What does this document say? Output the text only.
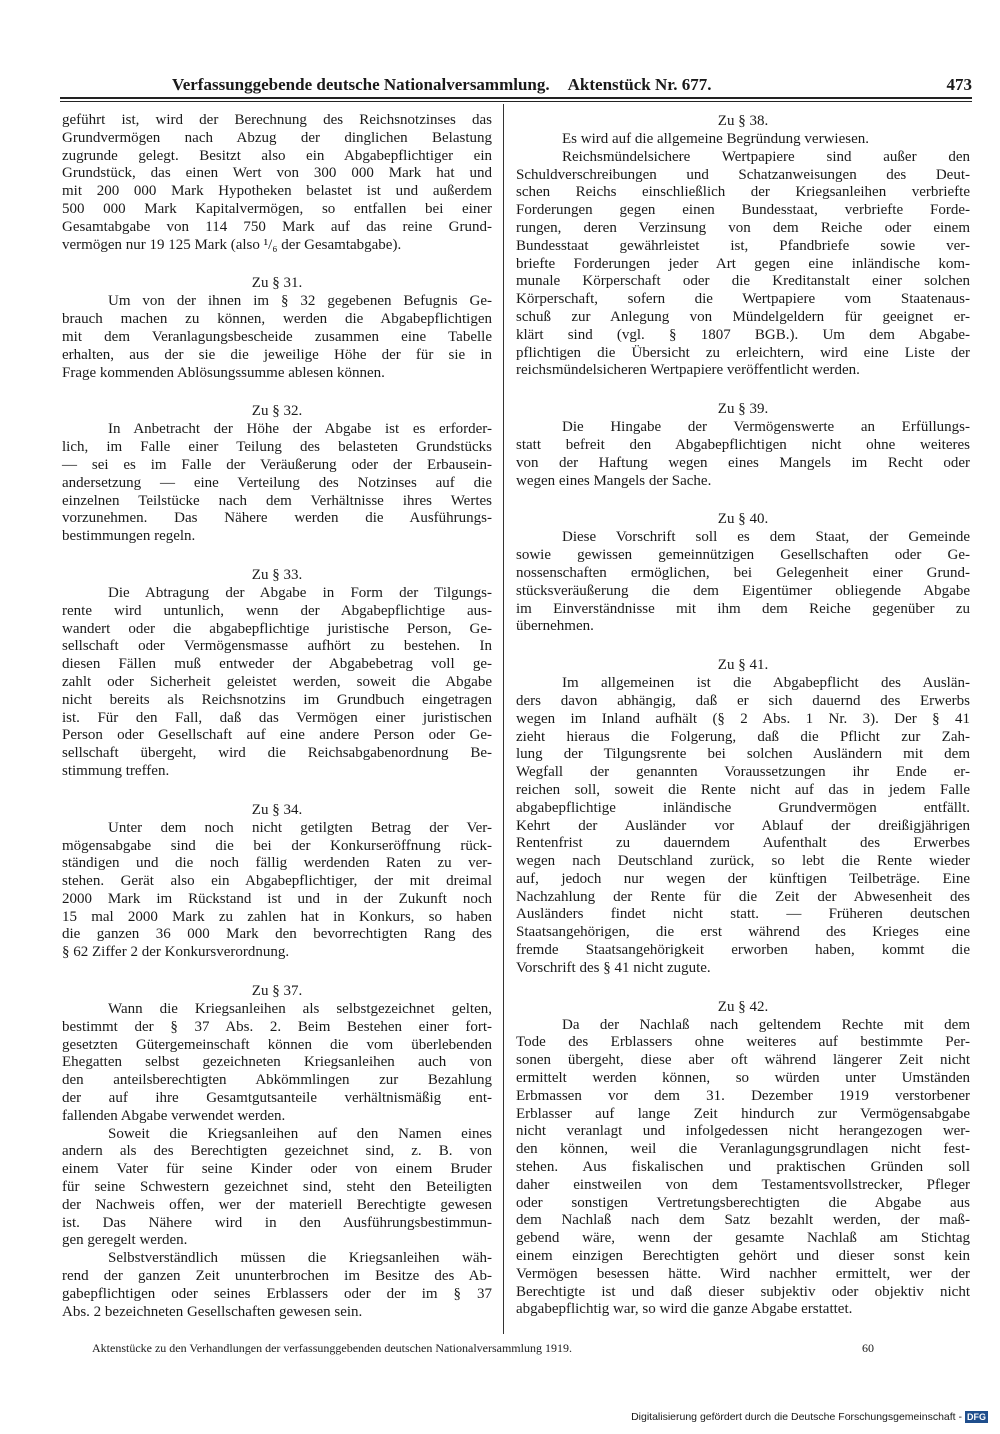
Verfassunggebende deutsche Nationalversammlung. Aktenstück Nr. 677.	473
geführt ist, wird der Berechnung des Reichsnotzinses das
Grundvermögen nach Abzug der dinglichen Belastung
zugrunde gelegt. Besitzt also ein Abgabepflichtiger ein
Grundstück, das einen Wert von 300 000 Mark hat und
mit 200 000 Mark Hypotheken belastet ist und außerdem
500 000 Mark Kapitalvermögen, so entfallen bei einer
Gesamtabgabe von 114 750 Mark auf das reine Grund-
vermögen nur 19 125 Mark (also ¹/₆ der Gesamtabgabe).
Zu § 31.
Um von der ihnen im § 32 gegebenen Befugnis Ge-
brauch machen zu können, werden die Abgabepflichtigen
mit dem Veranlagungsbescheide zusammen eine Tabelle
erhalten, aus der sie die jeweilige Höhe der für sie in
Frage kommenden Ablösungssumme ablesen können.
Zu § 32.
In Anbetracht der Höhe der Abgabe ist es erforder-
lich, im Falle einer Teilung des belasteten Grundstücks
— sei es im Falle der Veräußerung oder der Erbausein-
andersetzung — eine Verteilung des Notzinses auf die
einzelnen Teilstücke nach dem Verhältnisse ihres Wertes
vorzunehmen. Das Nähere werden die Ausführungs-
bestimmungen regeln.
Zu § 33.
Die Abtragung der Abgabe in Form der Tilgungs-
rente wird untunlich, wenn der Abgabepflichtige aus-
wandert oder die abgabepflichtige juristische Person, Ge-
sellschaft oder Vermögensmasse aufhört zu bestehen. In
diesen Fällen muß entweder der Abgabebetrag voll ge-
zahlt oder Sicherheit geleistet werden, soweit die Abgabe
nicht bereits als Reichsnotzins im Grundbuch eingetragen
ist. Für den Fall, daß das Vermögen einer juristischen
Person oder Gesellschaft auf eine andere Person oder Ge-
sellschaft übergeht, wird die Reichsabgabenordnung Be-
stimmung treffen.
Zu § 34.
Unter dem noch nicht getilgten Betrag der Ver-
mögensabgabe sind die bei der Konkurseröffnung rück-
ständigen und die noch fällig werdenden Raten zu ver-
stehen. Gerät also ein Abgabepflichtiger, der mit dreimal
2000 Mark im Rückstand ist und in der Zukunft noch
15 mal 2000 Mark zu zahlen hat in Konkurs, so haben
die ganzen 36 000 Mark den bevorrechtigten Rang des
§ 62 Ziffer 2 der Konkursverordnung.
Zu § 37.
Wann die Kriegsanleihen als selbstgezeichnet gelten,
bestimmt der § 37 Abs. 2. Beim Bestehen einer fort-
gesetzten Gütergemeinschaft können die vom überlebenden
Ehegatten selbst gezeichneten Kriegsanleihen auch von
den anteilsberechtigten Abkömmlingen zur Bezahlung
der auf ihre Gesamtgutsanteile verhältnismäßig ent-
fallenden Abgabe verwendet werden.
Soweit die Kriegsanleihen auf den Namen eines
andern als des Berechtigten gezeichnet sind, z. B. von
einem Vater für seine Kinder oder von einem Bruder
für seine Schwestern gezeichnet sind, steht den Beteiligten
der Nachweis offen, wer der materiell Berechtigte gewesen
ist. Das Nähere wird in den Ausführungsbestimmun-
gen geregelt werden.
Selbstverständlich müssen die Kriegsanleihen wäh-
rend der ganzen Zeit ununterbrochen im Besitze des Ab-
gabepflichtigen oder seines Erblassers oder der im § 37
Abs. 2 bezeichneten Gesellschaften gewesen sein.
Zu § 38.
Es wird auf die allgemeine Begründung verwiesen.
Reichsmündelsichere Wertpapiere sind außer den
Schuldverschreibungen und Schatzanweisungen des Deut-
schen Reichs einschließlich der Kriegsanleihen verbriefte
Forderungen gegen einen Bundesstaat, verbriefte Forde-
rungen, deren Verzinsung von dem Reiche oder einem
Bundesstaat gewährleistet ist, Pfandbriefe sowie ver-
briefte Forderungen jeder Art gegen eine inländische kom-
munale Körperschaft oder die Kreditanstalt einer solchen
Körperschaft, sofern die Wertpapiere vom Staatenaus-
schuß zur Anlegung von Mündelgeldern für geeignet er-
klärt sind (vgl. § 1807 BGB.). Um dem Abgabe-
pflichtigen die Übersicht zu erleichtern, wird eine Liste der
reichsmündelsicheren Wertpapiere veröffentlicht werden.
Zu § 39.
Die Hingabe der Vermögenswerte an Erfüllungs-
statt befreit den Abgabepflichtigen nicht ohne weiteres
von der Haftung wegen eines Mangels im Recht oder
wegen eines Mangels der Sache.
Zu § 40.
Diese Vorschrift soll es dem Staat, der Gemeinde
sowie gewissen gemeinnützigen Gesellschaften oder Ge-
nossenschaften ermöglichen, bei Gelegenheit einer Grund-
stücksveräußerung die dem Eigentümer obliegende Abgabe
im Einverständnisse mit ihm dem Reiche gegenüber zu
übernehmen.
Zu § 41.
Im allgemeinen ist die Abgabepflicht des Auslän-
ders davon abhängig, daß er sich dauernd des Erwerbs
wegen im Inland aufhält (§ 2 Abs. 1 Nr. 3). Der § 41
zieht hieraus die Folgerung, daß die Pflicht zur Zah-
lung der Tilgungsrente bei solchen Ausländern mit dem
Wegfall der genannten Voraussetzungen ihr Ende er-
reichen soll, soweit die Rente nicht auf das in jedem Falle
abgabepflichtige inländische Grundvermögen entfällt.
Kehrt der Ausländer vor Ablauf der dreißigjährigen
Rentenfrist zu dauerndem Aufenthalt des Erwerbes
wegen nach Deutschland zurück, so lebt die Rente wieder
auf, jedoch nur wegen der künftigen Teilbeträge. Eine
Nachzahlung der Rente für die Zeit der Abwesenheit des
Ausländers findet nicht statt. — Früheren deutschen
Staatsangehörigen, die erst während des Krieges eine
fremde Staatsangehörigkeit erworben haben, kommt die
Vorschrift des § 41 nicht zugute.
Zu § 42.
Da der Nachlaß nach geltendem Rechte mit dem
Tode des Erblassers ohne weiteres auf bestimmte Per-
sonen übergeht, diese aber oft während längerer Zeit nicht
ermittelt werden können, so würden unter Umständen
Erbmassen vor dem 31. Dezember 1919 verstorbener
Erblasser auf lange Zeit hindurch zur Vermögensabgabe
nicht veranlagt und infolgedessen nicht herangezogen wer-
den können, weil die Veranlagungsgrundlagen nicht fest-
stehen. Aus fiskalischen und praktischen Gründen soll
daher einstweilen von dem Testamentsvollstrecker, Pfleger
oder sonstigen Vertretungsberechtigten die Abgabe aus
dem Nachlaß nach dem Satz bezahlt werden, der maß-
gebend wäre, wenn der gesamte Nachlaß am Stichtag
einem einzigen Berechtigten gehört und dieser sonst kein
Vermögen besessen hätte. Wird nachher ermittelt, wer der
Berechtigte ist und daß dieser subjektiv oder objektiv nicht
abgabepflichtig war, so wird die ganze Abgabe erstattet.
Aktenstücke zu den Verhandlungen der verfassunggebenden deutschen Nationalversammlung 1919.	60
Digitalisierung gefördert durch die Deutsche Forschungsgemeinschaft - DFG
